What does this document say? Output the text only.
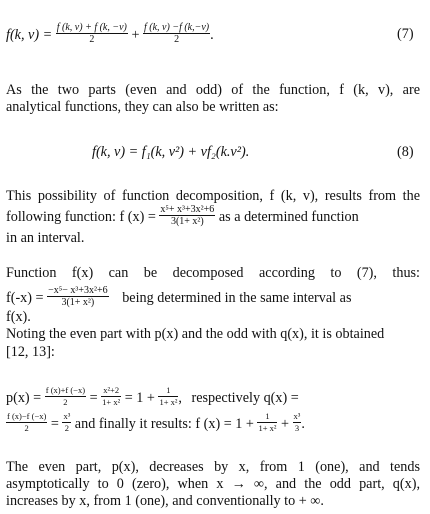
f(k, $v) = \frac{f (k, v) + f (k, -v)}{2} + \frac{f (k, v) -f (k,-v)}{2}$ .	(7)
As the two parts (even and odd) of the function, f (k, v), are
analytical functions, they can also be written as:
f(k, v) = f₁(k, v²) + vf₂(k.v²).	(8)
This possibility of function decomposition, f (k, v), results from the
following function: f $(x) = \frac{\text{x⁵+ x³+3x²+6}}{\text{3(1+ x²)}}$ as a determined function
in an interval.
Function f(x) can be decomposed according to (7), thus:
$f(-x) = \frac{\text{−x⁵− x³+3x²+6}}{\text{3(1+ x²)}}$ being determined in the same interval as
f(x).
Noting the even part with p(x) and the odd with q(x), it is obtained
[12, 13]:
$p(x) = \frac{f (x)+f (-x)}{2} = \frac{\text{x²+2}}{\text{1+ x²}} = 1 + \frac{1}{\text{1+ x²}}$ , respectively q(x) =
$\frac{f (x)-f (-x)}{2} = \frac{\text{x³}}{2}$ and finally it results: f $(x) = 1 + \frac{1}{\text{1+ x²}} + \frac{\text{x³}}{3}$ .
The even part, p(x), decreases by x, from 1 (one), and tends
asymptotically to 0 (zero), when x → ∞, and the odd part, q(x),
increases by x, from 1 (one), and conventionally to + ∞.
